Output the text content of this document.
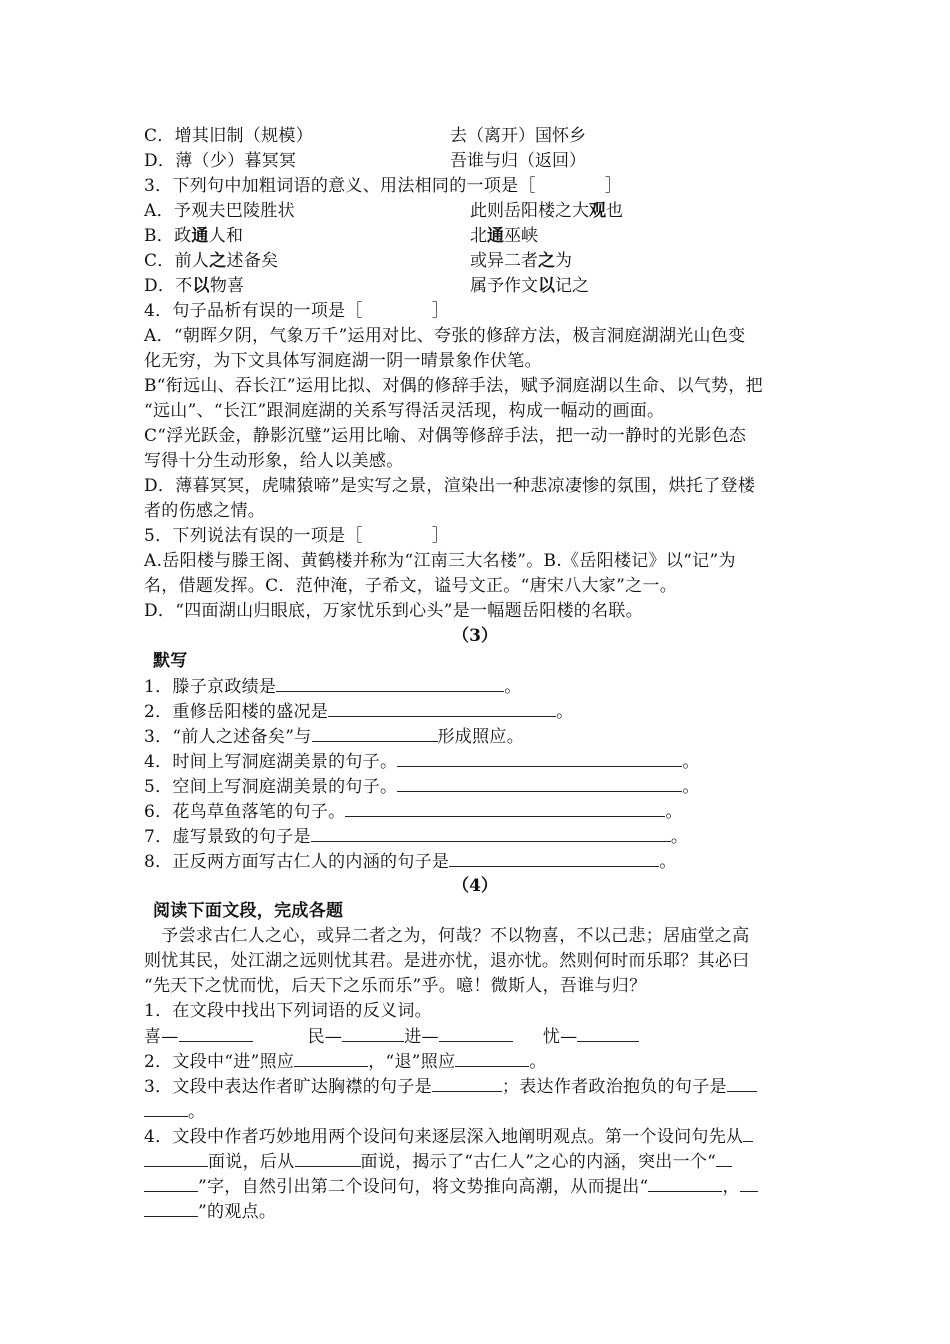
C．增其旧制（规模）	去（离开）国怀乡
D．薄（少）暮冥冥	吾谁与归（返回）
3．下列句中加粗词语的意义、用法相同的一项是［　　　　］
A．予观夫巴陵胜状	此则岳阳楼之大观也
B．政通人和	北通巫峡
C．前人之述备矣	或异二者之为
D．不以物喜	属予作文以记之
4．句子品析有误的一项是［　　　　］
A．“朝晖夕阴，气象万千”运用对比、夸张的修辞方法，极言洞庭湖湖光山色变
化无穷，为下文具体写洞庭湖一阴一晴景象作伏笔。
B“衔远山、吞长江”运用比拟、对偶的修辞手法，赋予洞庭湖以生命、以气势，把
“远山”、“长江”跟洞庭湖的关系写得活灵活现，构成一幅动的画面。
C“浮光跃金，静影沉璧”运用比喻、对偶等修辞手法，把一动一静时的光影色态
写得十分生动形象，给人以美感。
D．薄暮冥冥，虎啸猿啼”是实写之景，渲染出一种悲凉凄惨的氛围，烘托了登楼
者的伤感之情。
5．下列说法有误的一项是［　　　　］
A.岳阳楼与滕王阁、黄鹤楼并称为“江南三大名楼”。B.《岳阳楼记》以“记”为
名，借题发挥。C．范仲淹，子希文，谥号文正。“唐宋八大家”之一。
D．“四面湖山归眼底，万家忧乐到心头”是一幅题岳阳楼的名联。
（3）
默写
1．滕子京政绩是	。
2．重修岳阳楼的盛况是	。
3．“前人之述备矣”与	形成照应。
4．时间上写洞庭湖美景的句子。	。
5．空间上写洞庭湖美景的句子。	。
6．花鸟草鱼落笔的句子。	。
7．虚写景致的句子是	。
8．正反两方面写古仁人的内涵的句子是	。
（4）
阅读下面文段，完成各题
　予尝求古仁人之心，或异二者之为，何哉？不以物喜，不以己悲；居庙堂之高
则忧其民，处江湖之远则忧其君。是进亦忧，退亦忧。然则何时而乐耶？其必曰
“先天下之忧而忧，后天下之乐而乐”乎。噫！微斯人，吾谁与归？
1．在文段中找出下列词语的反义词。
喜—	民—	进—	忧—
2．文段中“进”照应	，“退”照应	。
3．文段中表达作者旷达胸襟的句子是	；表达作者政治抱负的句子是
。
4．文段中作者巧妙地用两个设问句来逐层深入地阐明观点。第一个设问句先从
面说，后从	面说，揭示了“古仁人”之心的内涵，突出一个“
”字，自然引出第二个设问句，将文势推向高潮，从而提出“	，
”的观点。
